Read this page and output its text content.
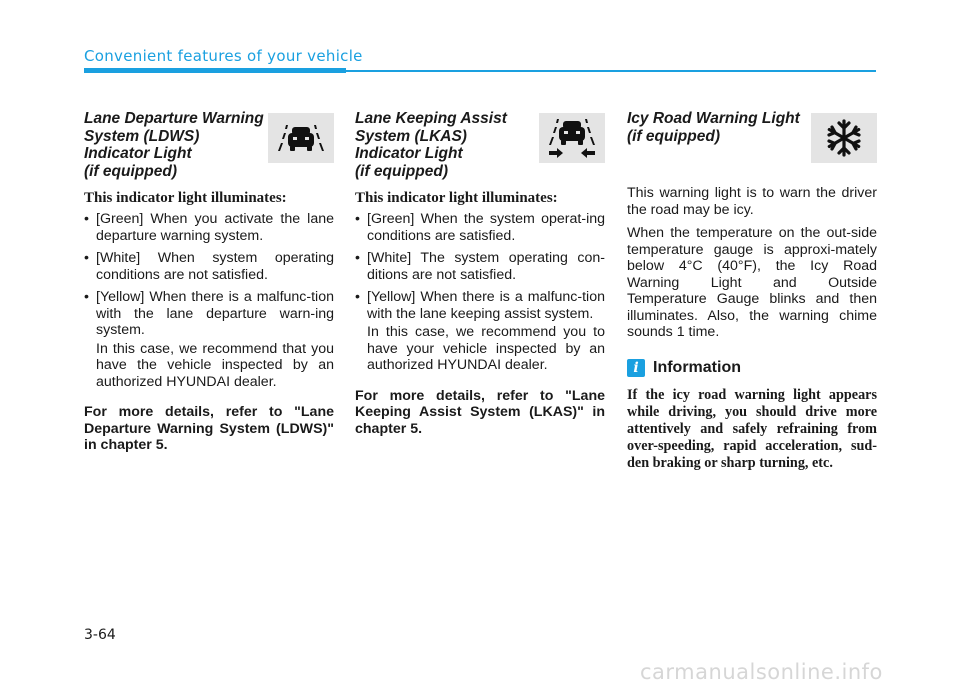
Convenient features of your vehicle
Lane Departure Warning
System (LDWS)
Indicator Light
(if equipped)
This indicator light illuminates:
• [Green] When you activate the lane departure warning system.
• [White] When system operating conditions are not satisfied.
• [Yellow] When there is a malfunc-tion with the lane departure warn-ing system.

In this case, we recommend that you have the vehicle inspected by an authorized HYUNDAI dealer.

For more details, refer to "Lane Departure Warning System (LDWS)" in chapter 5.
Lane Keeping Assist
System (LKAS)
Indicator Light
(if equipped)
This indicator light illuminates:
• [Green] When the system operat-ing conditions are satisfied.
• [White] The system operating con-ditions are not satisfied.
• [Yellow] When there is a malfunc-tion with the lane keeping assist system.

In this case, we recommend you to have your vehicle inspected by an authorized HYUNDAI dealer.

For more details, refer to "Lane Keeping Assist System (LKAS)" in chapter 5.
Icy Road Warning Light
(if equipped)

This warning light is to warn the driver the road may be icy.

When the temperature on the out-side temperature gauge is approxi-mately below 4°C (40°F), the Icy Road Warning Light and Outside Temperature Gauge blinks and then illuminates. Also, the warning chime sounds 1 time.

i Information

If the icy road warning light appears while driving, you should drive more attentively and safely refraining from over-speeding, rapid acceleration, sud-den braking or sharp turning, etc.

3-64
carmanualsonline.info
